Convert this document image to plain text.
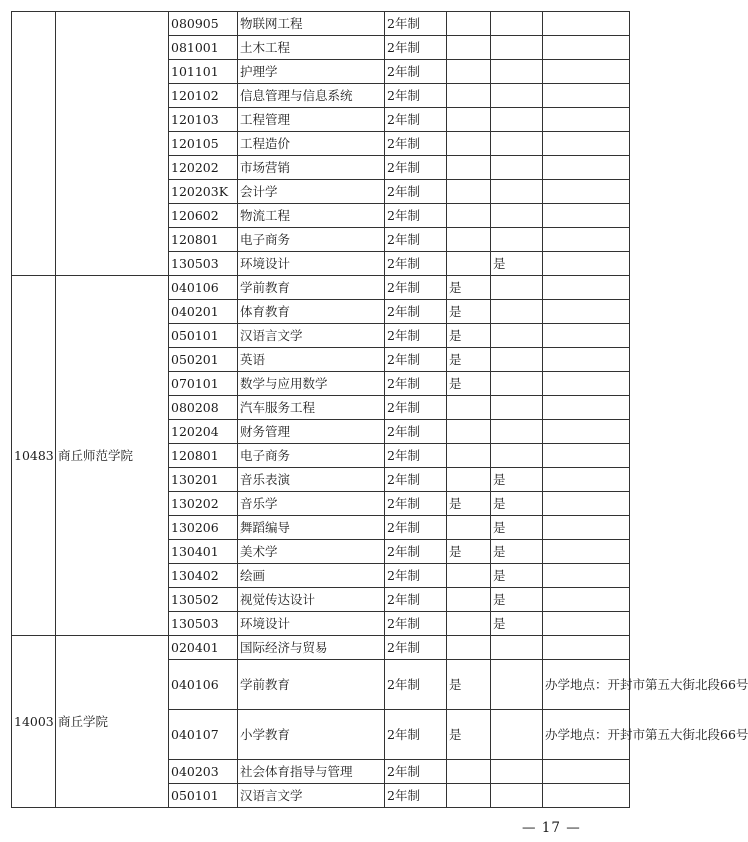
		080905	物联网工程	2年制			
		081001	土木工程	2年制			
		101101	护理学	2年制			
		120102	信息管理与信息系统	2年制			
		120103	工程管理	2年制			
		120105	工程造价	2年制			
		120202	市场营销	2年制			
		120203K	会计学	2年制			
		120602	物流工程	2年制			
		120801	电子商务	2年制			
		130503	环境设计	2年制		是	
10483	商丘师范学院	040106	学前教育	2年制	是		
		040201	体育教育	2年制	是		
		050101	汉语言文学	2年制	是		
		050201	英语	2年制	是		
		070101	数学与应用数学	2年制	是		
		080208	汽车服务工程	2年制			
		120204	财务管理	2年制			
		120801	电子商务	2年制			
		130201	音乐表演	2年制		是	
		130202	音乐学	2年制	是	是	
		130206	舞蹈编导	2年制		是	
		130401	美术学	2年制	是	是	
		130402	绘画	2年制		是	
		130502	视觉传达设计	2年制		是	
		130503	环境设计	2年制		是	
14003	商丘学院	020401	国际经济与贸易	2年制			
		040106	学前教育	2年制	是		办学地点：开封市第五大街北段66号
		040107	小学教育	2年制	是		办学地点：开封市第五大街北段66号
		040203	社会体育指导与管理	2年制			
		050101	汉语言文学	2年制			
— 17 —
